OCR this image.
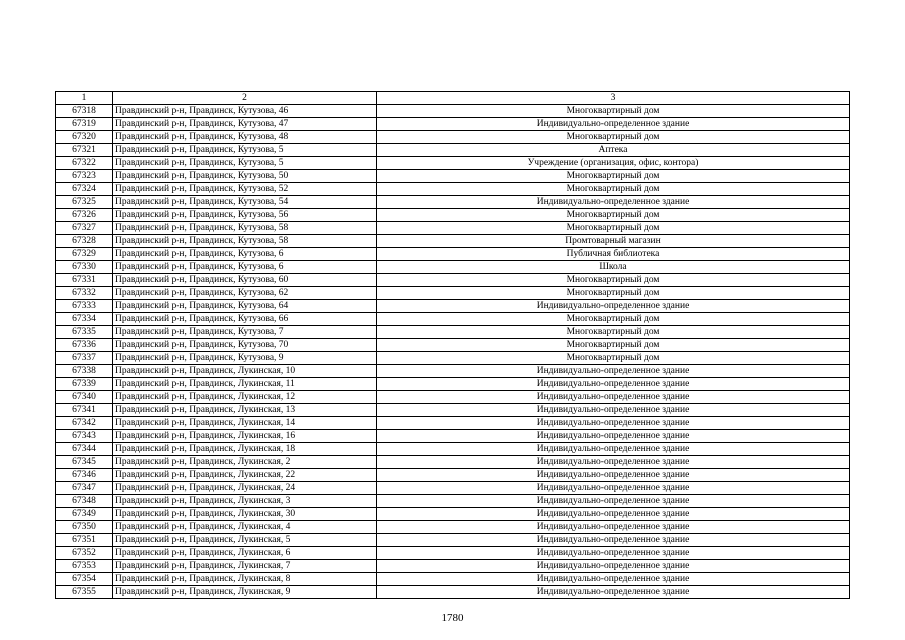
1	2	3
67318	Правдинский р-н, Правдинск, Кутузова, 46	Многоквартирный дом
67319	Правдинский р-н, Правдинск, Кутузова, 47	Индивидуально-определенное здание
67320	Правдинский р-н, Правдинск, Кутузова, 48	Многоквартирный дом
67321	Правдинский р-н, Правдинск, Кутузова, 5	Аптека
67322	Правдинский р-н, Правдинск, Кутузова, 5	Учреждение (организация, офис, контора)
67323	Правдинский р-н, Правдинск, Кутузова, 50	Многоквартирный дом
67324	Правдинский р-н, Правдинск, Кутузова, 52	Многоквартирный дом
67325	Правдинский р-н, Правдинск, Кутузова, 54	Индивидуально-определенное здание
67326	Правдинский р-н, Правдинск, Кутузова, 56	Многоквартирный дом
67327	Правдинский р-н, Правдинск, Кутузова, 58	Многоквартирный дом
67328	Правдинский р-н, Правдинск, Кутузова, 58	Промтоварный магазин
67329	Правдинский р-н, Правдинск, Кутузова, 6	Публичная библиотека
67330	Правдинский р-н, Правдинск, Кутузова, 6	Школа
67331	Правдинский р-н, Правдинск, Кутузова, 60	Многоквартирный дом
67332	Правдинский р-н, Правдинск, Кутузова, 62	Многоквартирный дом
67333	Правдинский р-н, Правдинск, Кутузова, 64	Индивидуально-определенное здание
67334	Правдинский р-н, Правдинск, Кутузова, 66	Многоквартирный дом
67335	Правдинский р-н, Правдинск, Кутузова, 7	Многоквартирный дом
67336	Правдинский р-н, Правдинск, Кутузова, 70	Многоквартирный дом
67337	Правдинский р-н, Правдинск, Кутузова, 9	Многоквартирный дом
67338	Правдинский р-н, Правдинск, Лукинская, 10	Индивидуально-определенное здание
67339	Правдинский р-н, Правдинск, Лукинская, 11	Индивидуально-определенное здание
67340	Правдинский р-н, Правдинск, Лукинская, 12	Индивидуально-определенное здание
67341	Правдинский р-н, Правдинск, Лукинская, 13	Индивидуально-определенное здание
67342	Правдинский р-н, Правдинск, Лукинская, 14	Индивидуально-определенное здание
67343	Правдинский р-н, Правдинск, Лукинская, 16	Индивидуально-определенное здание
67344	Правдинский р-н, Правдинск, Лукинская, 18	Индивидуально-определенное здание
67345	Правдинский р-н, Правдинск, Лукинская, 2	Индивидуально-определенное здание
67346	Правдинский р-н, Правдинск, Лукинская, 22	Индивидуально-определенное здание
67347	Правдинский р-н, Правдинск, Лукинская, 24	Индивидуально-определенное здание
67348	Правдинский р-н, Правдинск, Лукинская, 3	Индивидуально-определенное здание
67349	Правдинский р-н, Правдинск, Лукинская, 30	Индивидуально-определенное здание
67350	Правдинский р-н, Правдинск, Лукинская, 4	Индивидуально-определенное здание
67351	Правдинский р-н, Правдинск, Лукинская, 5	Индивидуально-определенное здание
67352	Правдинский р-н, Правдинск, Лукинская, 6	Индивидуально-определенное здание
67353	Правдинский р-н, Правдинск, Лукинская, 7	Индивидуально-определенное здание
67354	Правдинский р-н, Правдинск, Лукинская, 8	Индивидуально-определенное здание
67355	Правдинский р-н, Правдинск, Лукинская, 9	Индивидуально-определенное здание
1780
